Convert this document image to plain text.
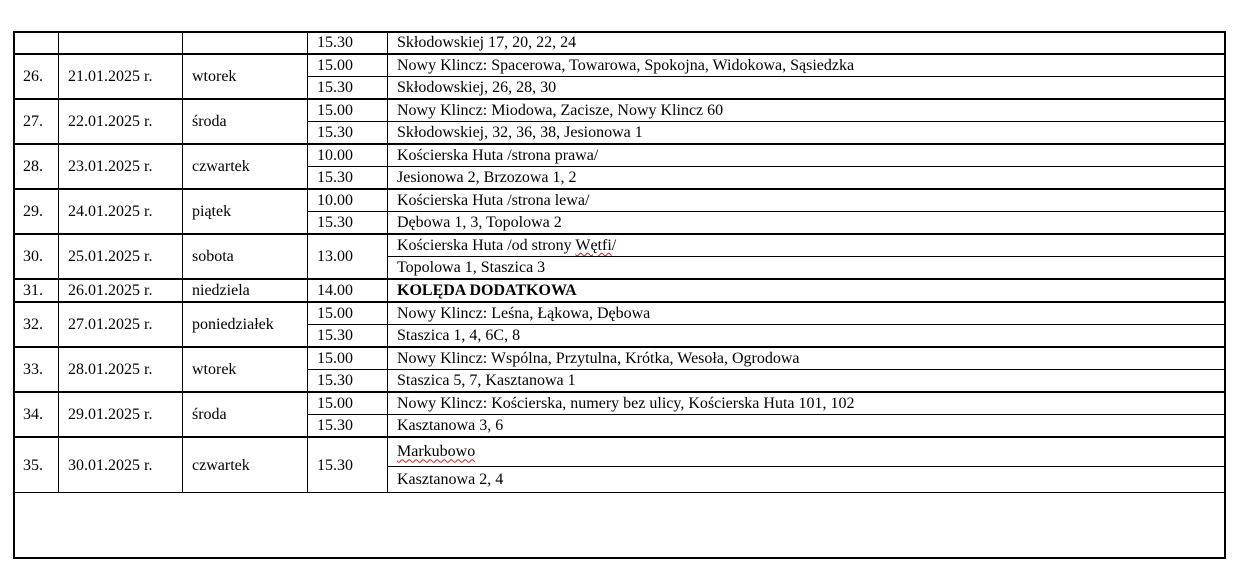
			15.30	Skłodowskiej 17, 20, 22, 24
26.	21.01.2025 r.	wtorek	15.00	Nowy Klincz: Spacerowa, Towarowa, Spokojna, Widokowa, Sąsiedzka
			15.30	Skłodowskiej, 26, 28, 30
27.	22.01.2025 r.	środa	15.00	Nowy Klincz: Miodowa, Zacisze, Nowy Klincz 60
			15.30	Skłodowskiej, 32, 36, 38, Jesionowa 1
28.	23.01.2025 r.	czwartek	10.00	Kościerska Huta /strona prawa/
			15.30	Jesionowa 2, Brzozowa 1, 2
29.	24.01.2025 r.	piątek	10.00	Kościerska Huta /strona lewa/
			15.30	Dębowa 1, 3, Topolowa 2
30.	25.01.2025 r.	sobota	13.00	Kościerska Huta /od strony Wętfi/
				Topolowa 1, Staszica 3
31.	26.01.2025 r.	niedziela	14.00	KOLĘDA DODATKOWA
32.	27.01.2025 r.	poniedziałek	15.00	Nowy Klincz: Leśna, Łąkowa, Dębowa
			15.30	Staszica 1, 4, 6C, 8
33.	28.01.2025 r.	wtorek	15.00	Nowy Klincz: Wspólna, Przytulna, Krótka, Wesoła, Ogrodowa
			15.30	Staszica 5, 7, Kasztanowa 1
34.	29.01.2025 r.	środa	15.00	Nowy Klincz: Kościerska, numery bez ulicy, Kościerska Huta 101, 102
			15.30	Kasztanowa 3, 6
35.	30.01.2025 r.	czwartek	15.30	Markubowo
				Kasztanowa 2, 4
